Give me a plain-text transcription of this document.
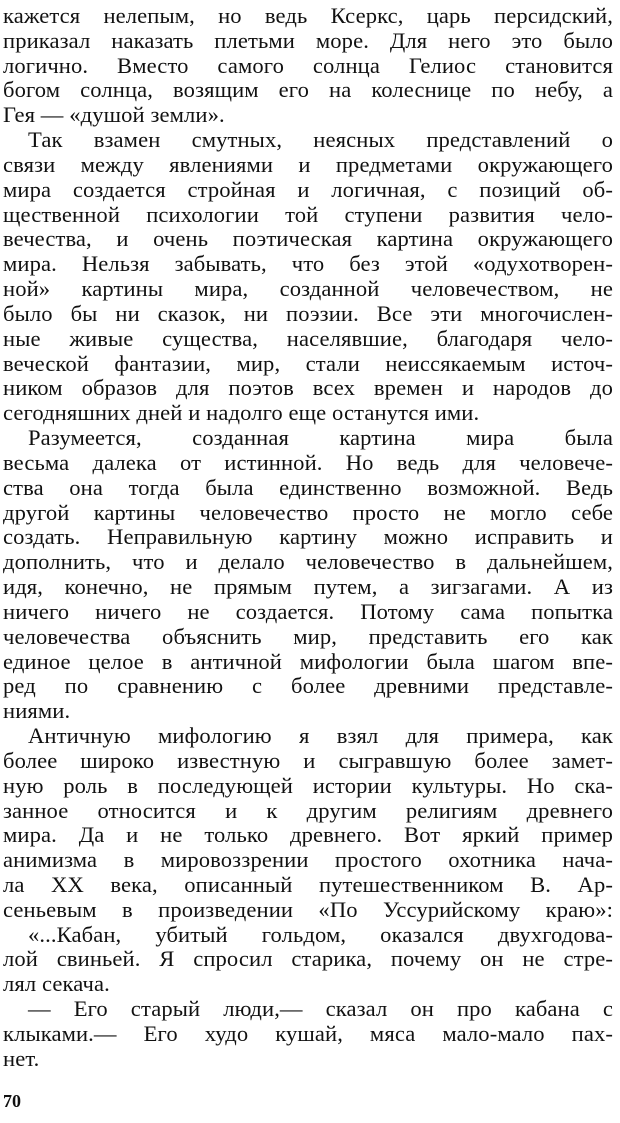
кажется нелепым, но ведь Ксеркс, царь персидский,
приказал наказать плетьми море. Для него это было
логично. Вместо самого солнца Гелиос становится
богом солнца, возящим его на колеснице по небу, а
Гея — «душой земли».
Так взамен смутных, неясных представлений о
связи между явлениями и предметами окружающего
мира создается стройная и логичная, с позиций об-
щественной психологии той ступени развития чело-
вечества, и очень поэтическая картина окружающего
мира. Нельзя забывать, что без этой «одухотворен-
ной» картины мира, созданной человечеством, не
было бы ни сказок, ни поэзии. Все эти многочислен-
ные живые существа, населявшие, благодаря чело-
веческой фантазии, мир, стали неиссякаемым источ-
ником образов для поэтов всех времен и народов до
сегодняшних дней и надолго еще останутся ими.
Разумеется, созданная картина мира была
весьма далека от истинной. Но ведь для человече-
ства она тогда была единственно возможной. Ведь
другой картины человечество просто не могло себе
создать. Неправильную картину можно исправить и
дополнить, что и делало человечество в дальнейшем,
идя, конечно, не прямым путем, а зигзагами. А из
ничего ничего не создается. Потому сама попытка
человечества объяснить мир, представить его как
единое целое в античной мифологии была шагом впе-
ред по сравнению с более древними представле-
ниями.
Античную мифологию я взял для примера, как
более широко известную и сыгравшую более замет-
ную роль в последующей истории культуры. Но ска-
занное относится и к другим религиям древнего
мира. Да и не только древнего. Вот яркий пример
анимизма в мировоззрении простого охотника нача-
ла XX века, описанный путешественником В. Ар-
сеньевым в произведении «По Уссурийскому краю»:
«...Кабан, убитый гольдом, оказался двухгодова-
лой свиньей. Я спросил старика, почему он не стре-
лял секача.
— Его старый люди,— сказал он про кабана с
клыками.— Его худо кушай, мяса мало-мало пах-
нет.
70
